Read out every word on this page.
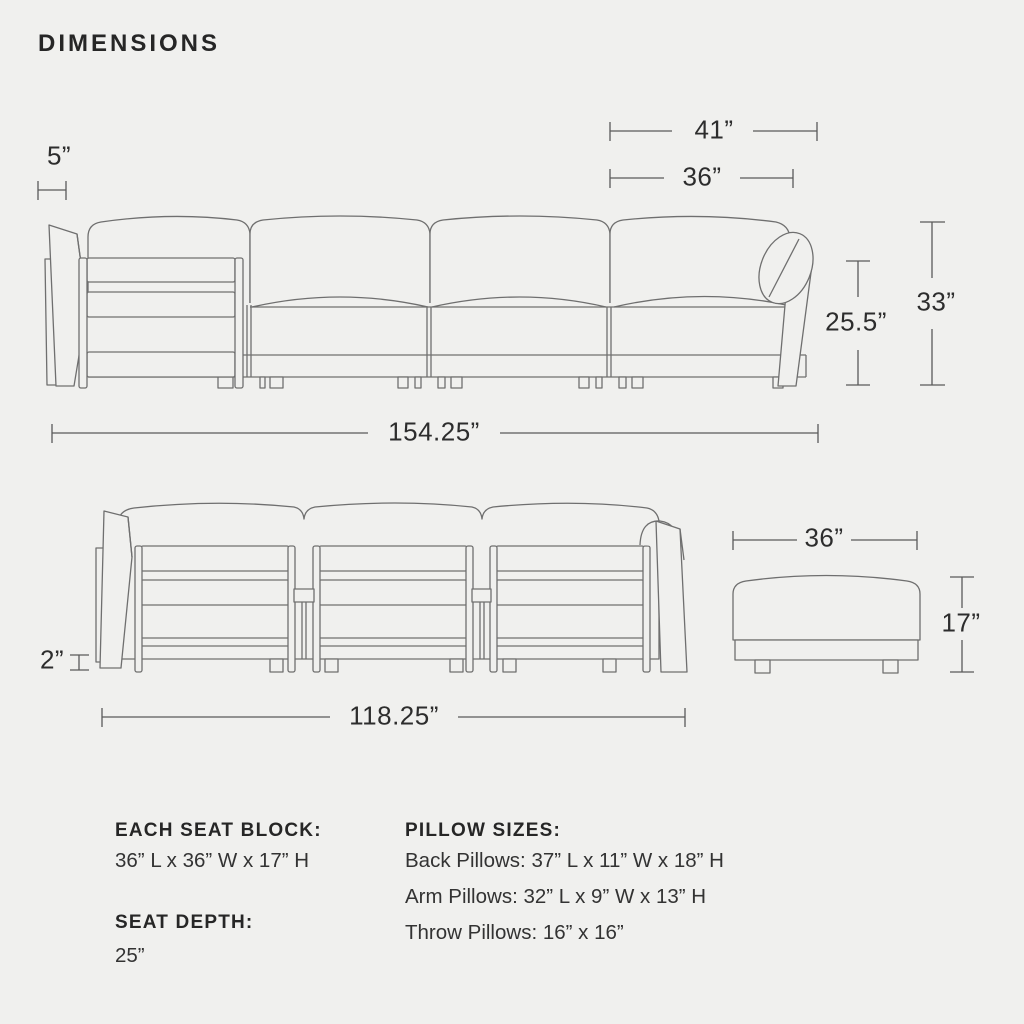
DIMENSIONS
5”
41”
36”
25.5”
33”
154.25”
2”
118.25”
36”
17”
EACH SEAT BLOCK:
36” L x 36” W x 17” H
SEAT DEPTH:
25”
PILLOW SIZES:
Back Pillows: 37” L x 11” W x 18” H
Arm Pillows: 32” L x 9” W x 13” H
Throw Pillows: 16” x 16”
